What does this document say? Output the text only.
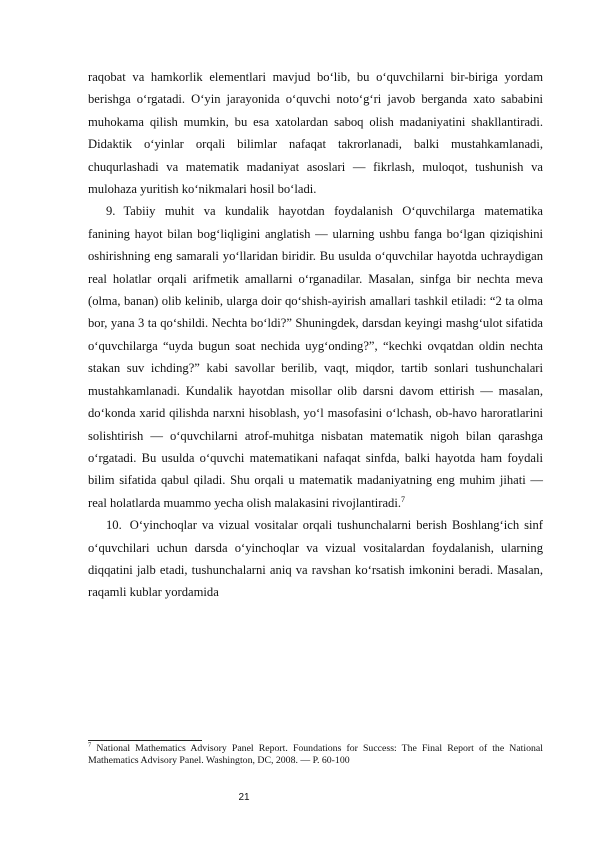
raqobat va hamkorlik elementlari mavjud bo‘lib, bu o‘quvchilarni bir-biriga yordam berishga o‘rgatadi. O‘yin jarayonida o‘quvchi noto‘g‘ri javob berganda xato sababini muhokama qilish mumkin, bu esa xatolardan saboq olish madaniyatini shakllantiradi. Didaktik o‘yinlar orqali bilimlar nafaqat takrorlanadi, balki mustahkamlanadi, chuqurlashadi va matematik madaniyat asoslari — fikrlash, muloqot, tushunish va mulohaza yuritish ko‘nikmalari hosil bo‘ladi.

9. Tabiiy muhit va kundalik hayotdan foydalanish O‘quvchilarga matematika fanining hayot bilan bog‘liqligini anglatish — ularning ushbu fanga bo‘lgan qiziqishini oshirishning eng samarali yo‘llaridan biridir. Bu usulda o‘quvchilar hayotda uchraydigan real holatlar orqali arifmetik amallarni o‘rganadilar. Masalan, sinfga bir nechta meva (olma, banan) olib kelinib, ularga doir qo‘shish-ayirish amallari tashkil etiladi: “2 ta olma bor, yana 3 ta qo‘shildi. Nechta bo‘ldi?” Shuningdek, darsdan keyingi mashg‘ulot sifatida o‘quvchilarga “uyda bugun soat nechida uyg‘onding?”, “kechki ovqatdan oldin nechta stakan suv ichding?” kabi savollar berilib, vaqt, miqdor, tartib sonlari tushunchalari mustahkamlanadi. Kundalik hayotdan misollar olib darsni davom ettirish — masalan, do‘konda xarid qilishda narxni hisoblash, yo‘l masofasini o‘lchash, ob-havo haroratlarini solishtirish — o‘quvchilarni atrof-muhitga nisbatan matematik nigoh bilan qarashga o‘rgatadi. Bu usulda o‘quvchi matematikani nafaqat sinfda, balki hayotda ham foydali bilim sifatida qabul qiladi. Shu orqali u matematik madaniyatning eng muhim jihati — real holatlarda muammo yecha olish malakasini rivojlantiradi.$^7$

10. O‘yinchoqlar va vizual vositalar orqali tushunchalarni berish Boshlang‘ich sinf o‘quvchilari uchun darsda o‘yinchoqlar va vizual vositalardan foydalanish, ularning diqqatini jalb etadi, tushunchalarni aniq va ravshan ko‘rsatish imkonini beradi. Masalan, raqamli kublar yordamida

$^7$ National Mathematics Advisory Panel Report. Foundations for Success: The Final Report of the National Mathematics Advisory Panel. Washington, DC, 2008. — P. 60-100
21
